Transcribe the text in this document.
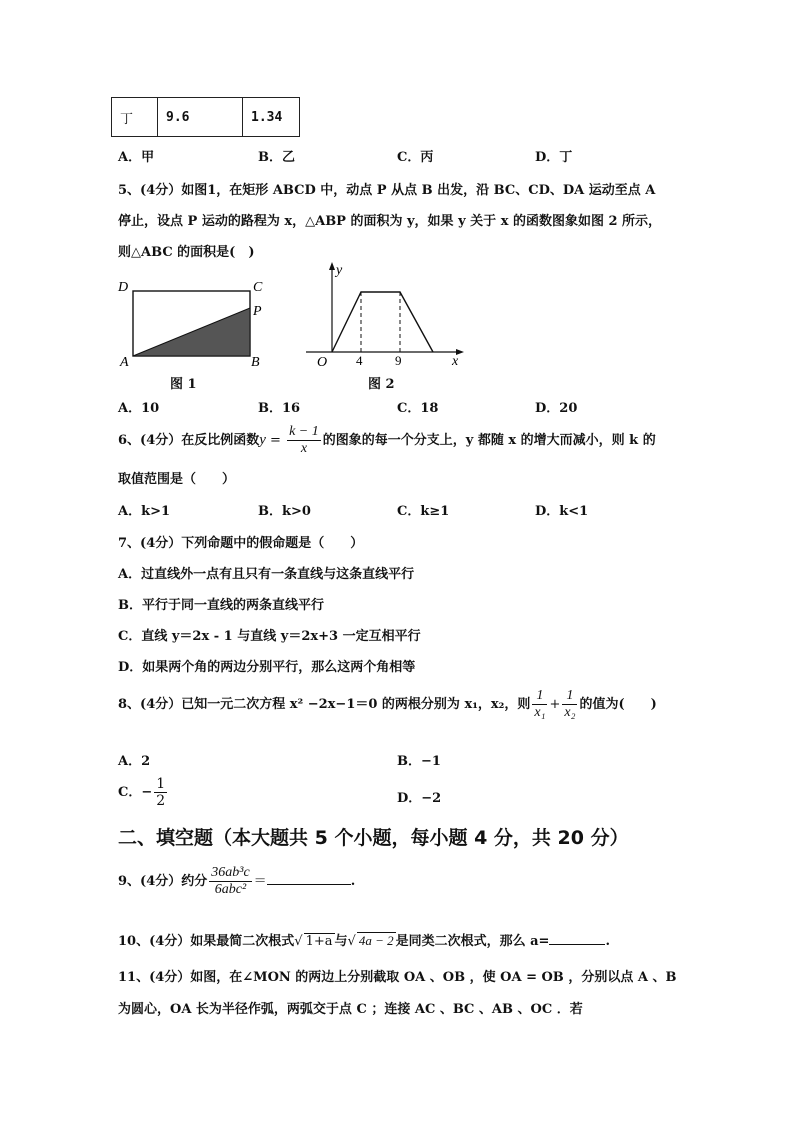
丁	9.6	1.34
A．甲	B．乙	C．丙	D．丁
5、(4分）如图1，在矩形 ABCD 中，动点 P 从点 B 出发，沿 BC、CD、DA 运动至点 A
停止，设点 P 运动的路程为 x，△ABP 的面积为 y，如果 y 关于 x 的函数图象如图 2 所示，
则△ABC 的面积是(　)
D	C
P
A	B
图 1
y
x
O 4	9
图 2
A．10	B．16	C．18	D．20
6、(4分）在反比例函数$y = \frac{k - 1}{x}$ 的图象的每一个分支上，y 都随 x 的增大而减小，则 k 的
取值范围是（　　）
A．k>1	B．k>0	C．k≥1	D．k<1
7、(4分）下列命题中的假命题是（　　）
A．过直线外一点有且只有一条直线与这条直线平行
B．平行于同一直线的两条直线平行
C．直线 y＝2x - 1 与直线 y＝2x+3 一定互相平行
D．如果两个角的两边分别平行，那么这两个角相等
8、(4分）已知一元二次方程 x² −2x−1＝0 的两根分别为 x₁，x₂，则 $\frac{1}{\text{x₁}} + \frac{1}{\text{x₂}}$ 的值为(　　)
A．2	B．−1
C．− $\frac{1}{2}$	D．−2
二、填空题（本大题共 5 个小题，每小题 4 分，共 20 分）
9、(4分）约分 $\frac{\text{36ab³c}}{\text{6abc²}}$ ＝	.
10、(4分）如果最简二次根式√ 1+a 与√ 4a − 2 是同类二次根式，那么 a=	.
11、(4分）如图，在∠MON 的两边上分别截取 OA 、OB ，使 OA = OB ，分别以点 A 、B
为圆心，OA 长为半径作弧，两弧交于点 C ；连接 AC 、BC 、AB 、OC ．若
